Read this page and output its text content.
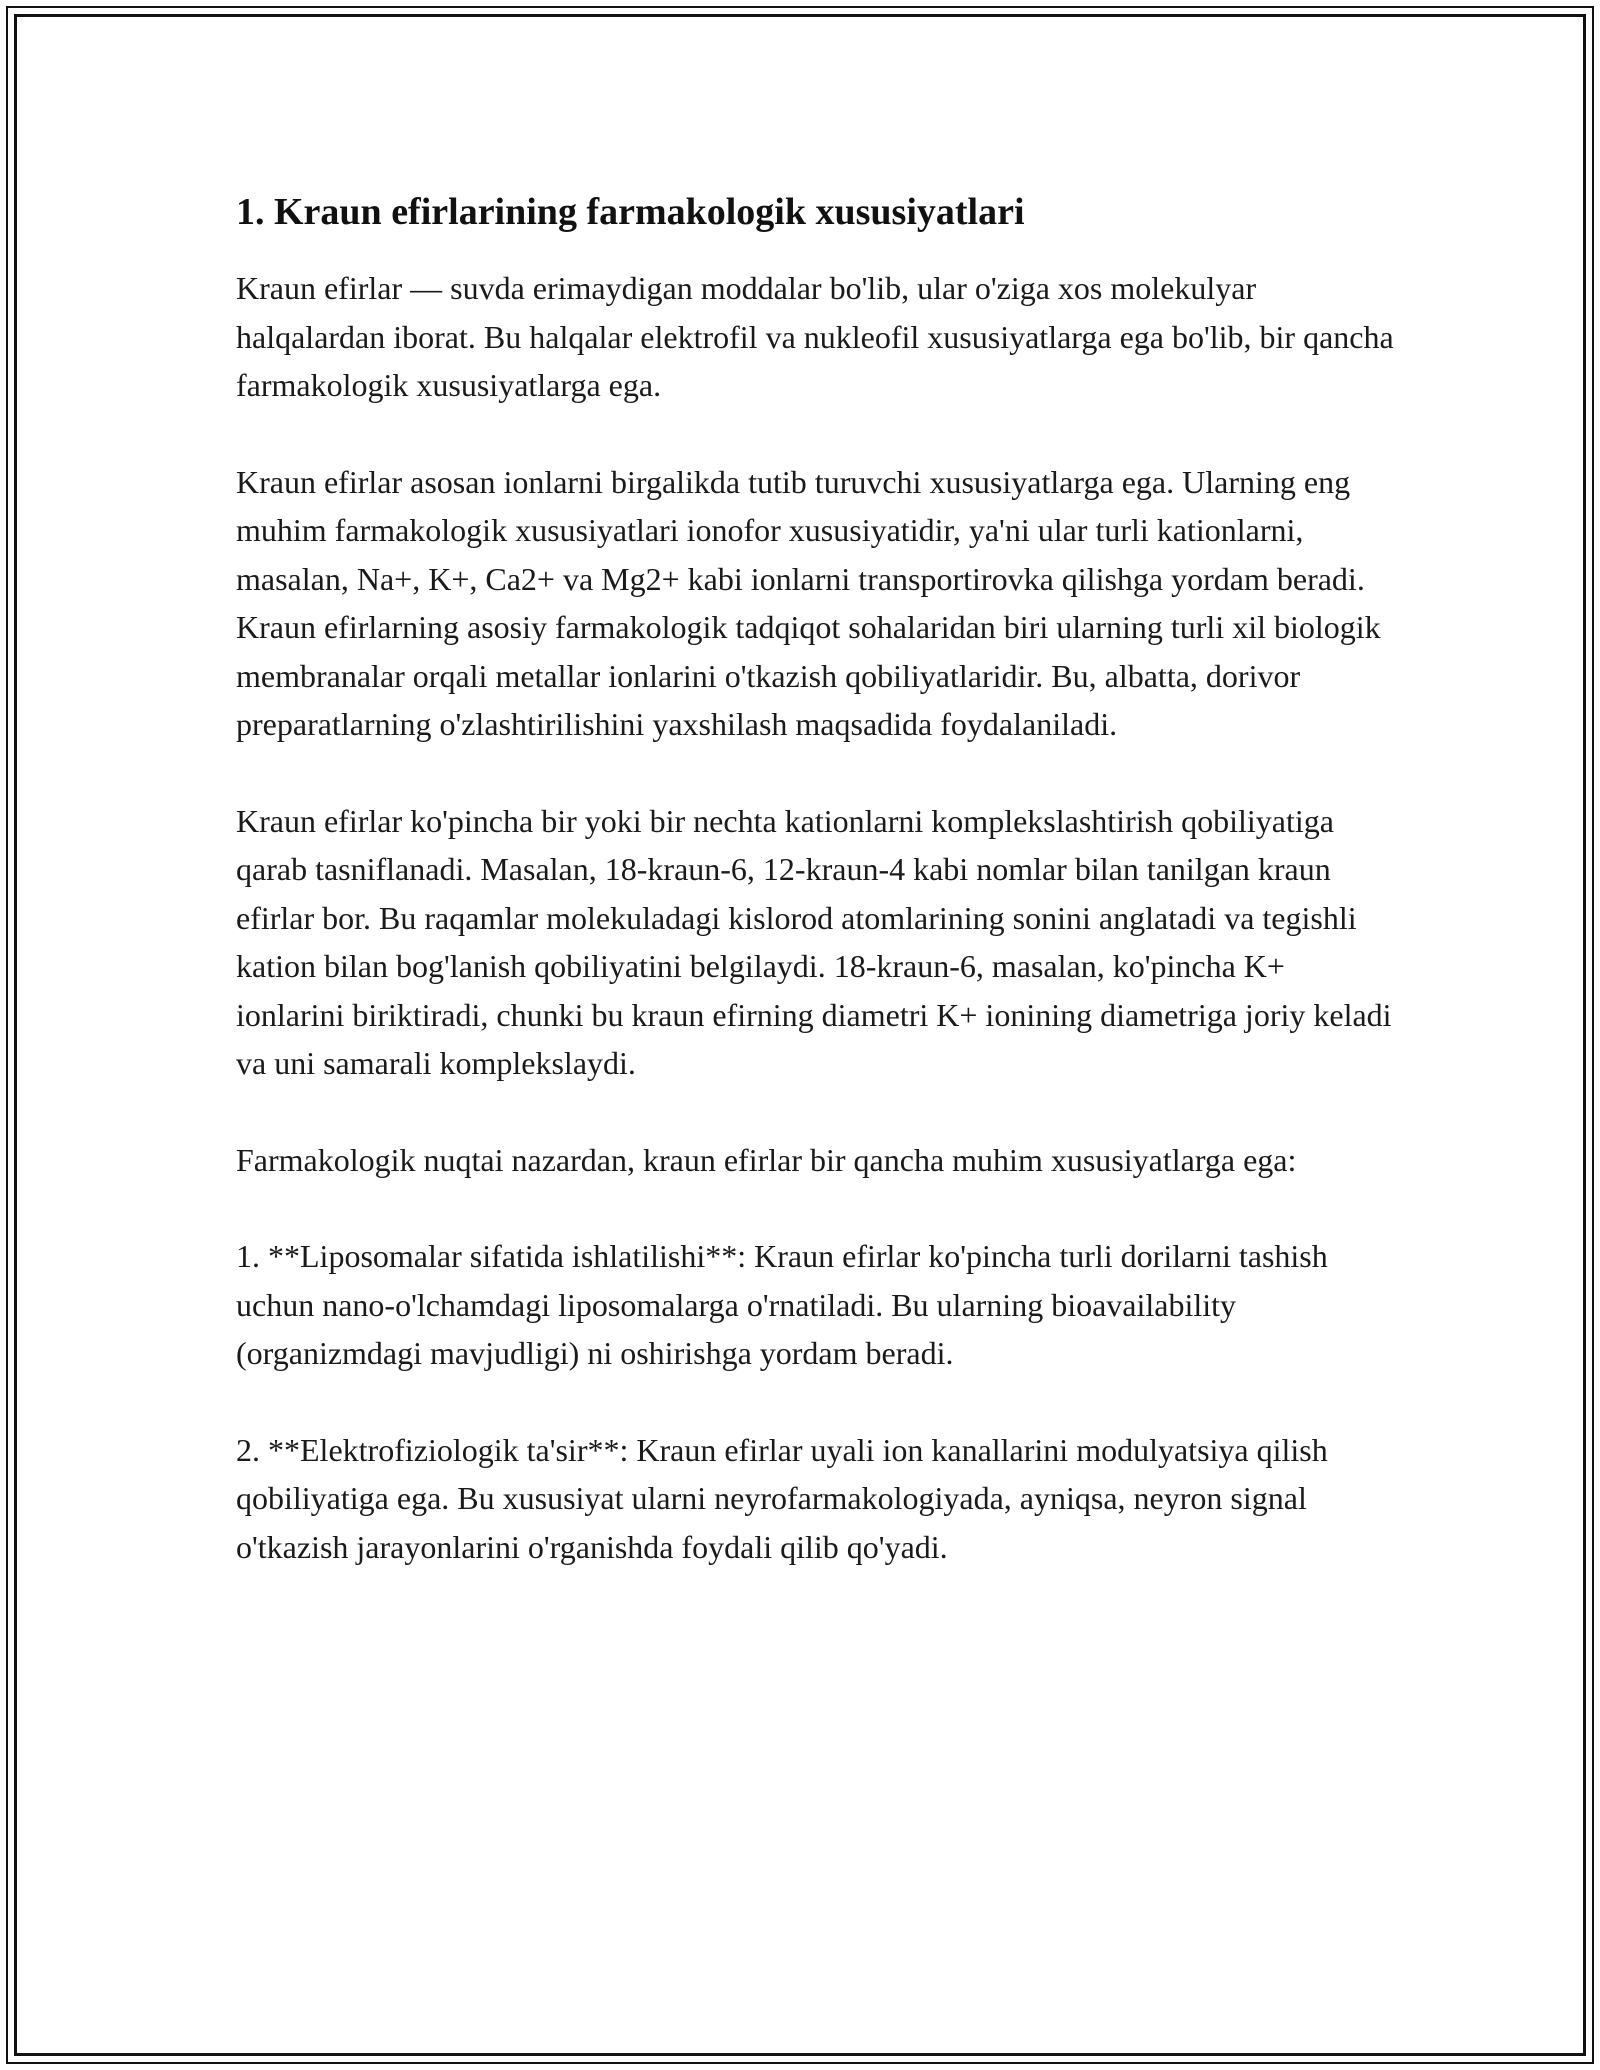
1. Kraun efirlarining farmakologik xususiyatlari

Kraun efirlar — suvda erimaydigan moddalar bo'lib, ular o'ziga xos molekulyar halqalardan iborat. Bu halqalar elektrofil va nukleofil xususiyatlarga ega bo'lib, bir qancha farmakologik xususiyatlarga ega.

Kraun efirlar asosan ionlarni birgalikda tutib turuvchi xususiyatlarga ega. Ularning eng muhim farmakologik xususiyatlari ionofor xususiyatidir, ya'ni ular turli kationlarni, masalan, Na+, K+, Ca2+ va Mg2+ kabi ionlarni transportirovka qilishga yordam beradi. Kraun efirlarning asosiy farmakologik tadqiqot sohalaridan biri ularning turli xil biologik membranalar orqali metallar ionlarini o'tkazish qobiliyatlaridir. Bu, albatta, dorivor preparatlarning o'zlashtirilishini yaxshilash maqsadida foydalaniladi.

Kraun efirlar ko'pincha bir yoki bir nechta kationlarni komplekslashtirish qobiliyatiga qarab tasniflanadi. Masalan, 18-kraun-6, 12-kraun-4 kabi nomlar bilan tanilgan kraun efirlar bor. Bu raqamlar molekuladagi kislorod atomlarining sonini anglatadi va tegishli kation bilan bog'lanish qobiliyatini belgilaydi. 18-kraun-6, masalan, ko'pincha K+ ionlarini biriktiradi, chunki bu kraun efirning diametri K+ ionining diametriga joriy keladi va uni samarali komplekslaydi.

Farmakologik nuqtai nazardan, kraun efirlar bir qancha muhim xususiyatlarga ega:

1. **Liposomalar sifatida ishlatilishi**: Kraun efirlar ko'pincha turli dorilarni tashish uchun nano-o'lchamdagi liposomalarga o'rnatiladi. Bu ularning bioavailability (organizmdagi mavjudligi) ni oshirishga yordam beradi.

2. **Elektrofiziologik ta'sir**: Kraun efirlar uyali ion kanallarini modulyatsiya qilish qobiliyatiga ega. Bu xususiyat ularni neyrofarmakologiyada, ayniqsa, neyron signal o'tkazish jarayonlarini o'rganishda foydali qilib qo'yadi.
